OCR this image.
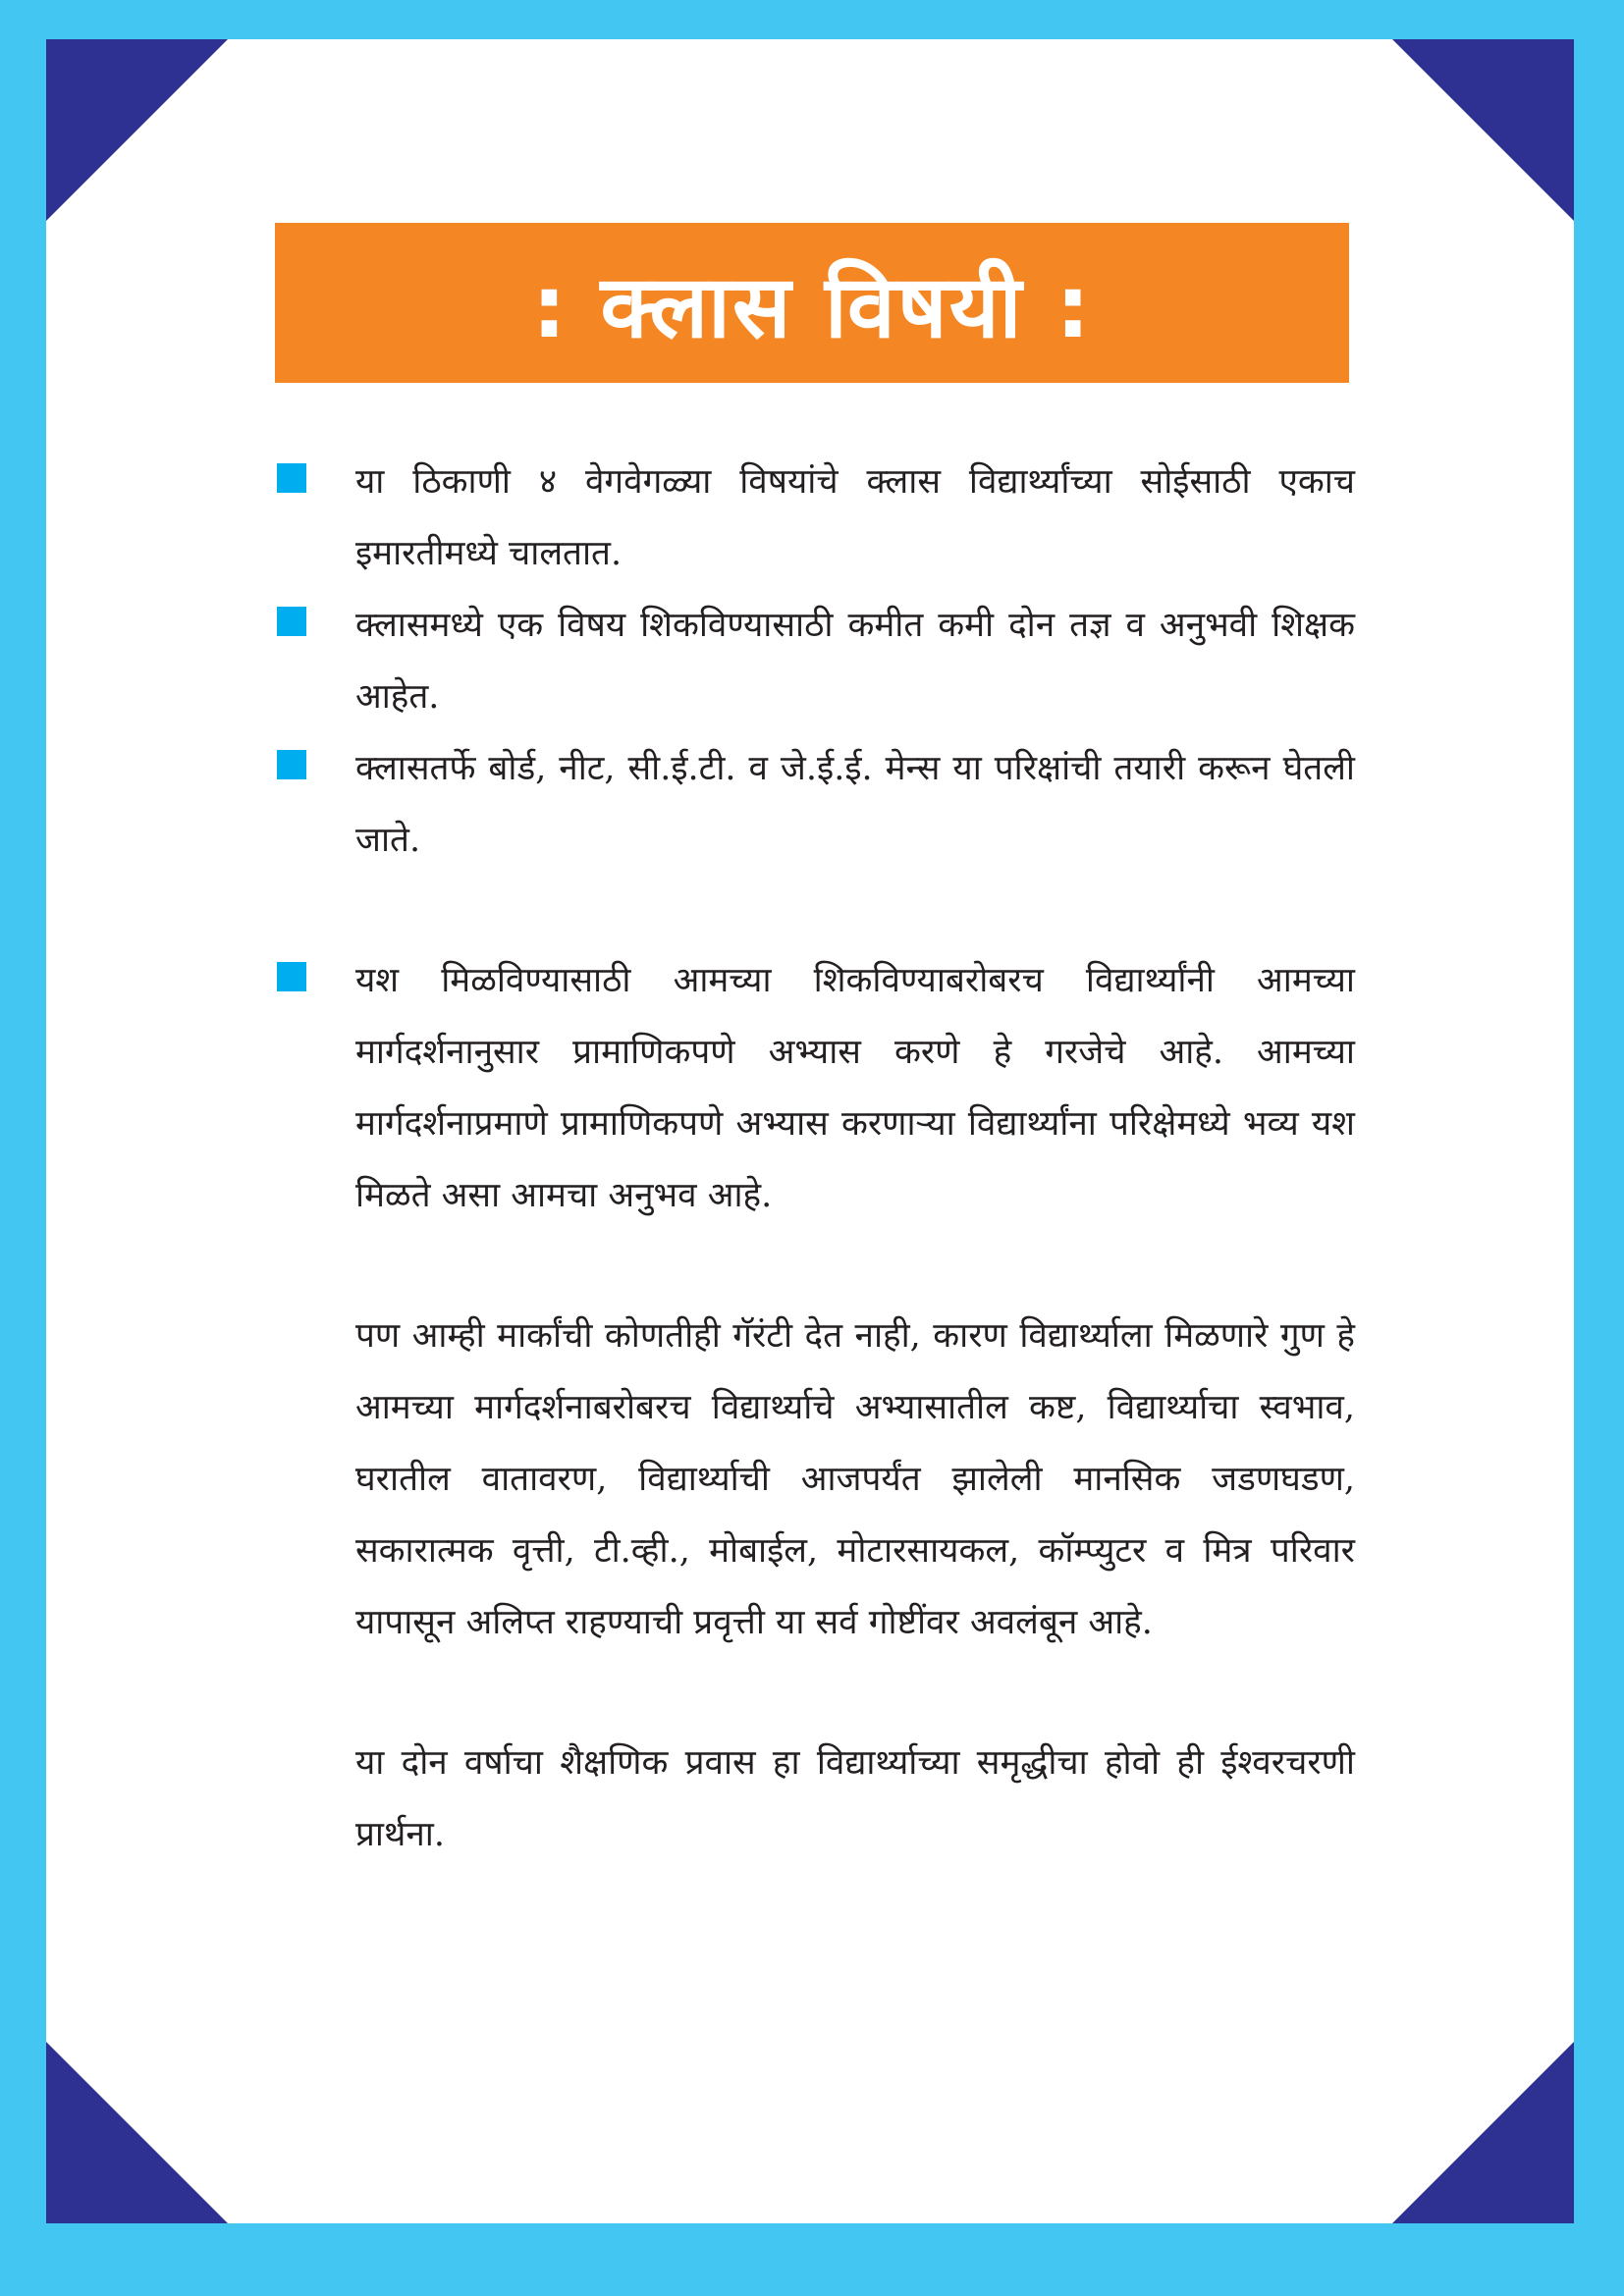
: क्लास विषयी :
या ठिकाणी ४ वेगवेगळ्या विषयांचे क्लास विद्यार्थ्यांच्या सोईसाठी एकाच इमारतीमध्ये चालतात.
क्लासमध्ये एक विषय शिकविण्यासाठी कमीत कमी दोन तज्ञ व अनुभवी शिक्षक आहेत.
क्लासतर्फे बोर्ड, नीट, सी.ई.टी. व जे.ई.ई. मेन्स या परिक्षांची तयारी करून घेतली जाते.
यश मिळविण्यासाठी आमच्या शिकविण्याबरोबरच विद्यार्थ्यांनी आमच्या मार्गदर्शनानुसार प्रामाणिकपणे अभ्यास करणे हे गरजेचे आहे. आमच्या मार्गदर्शनाप्रमाणे प्रामाणिकपणे अभ्यास करणाऱ्या विद्यार्थ्यांना परिक्षेमध्ये भव्य यश मिळते असा आमचा अनुभव आहे.

पण आम्ही मार्कांची कोणतीही गॅरंटी देत नाही, कारण विद्यार्थ्याला मिळणारे गुण हे आमच्या मार्गदर्शनाबरोबरच विद्यार्थ्याचे अभ्यासातील कष्ट, विद्यार्थ्याचा स्वभाव, घरातील वातावरण, विद्यार्थ्याची आजपर्यंत झालेली मानसिक जडणघडण, सकारात्मक वृत्ती, टी.व्ही., मोबाईल, मोटारसायकल, कॉम्प्युटर व मित्र परिवार यापासून अलिप्त राहण्याची प्रवृत्ती या सर्व गोष्टींवर अवलंबून आहे.

या दोन वर्षाचा शैक्षणिक प्रवास हा विद्यार्थ्याच्या समृद्धीचा होवो ही ईश्वरचरणी प्रार्थना.
